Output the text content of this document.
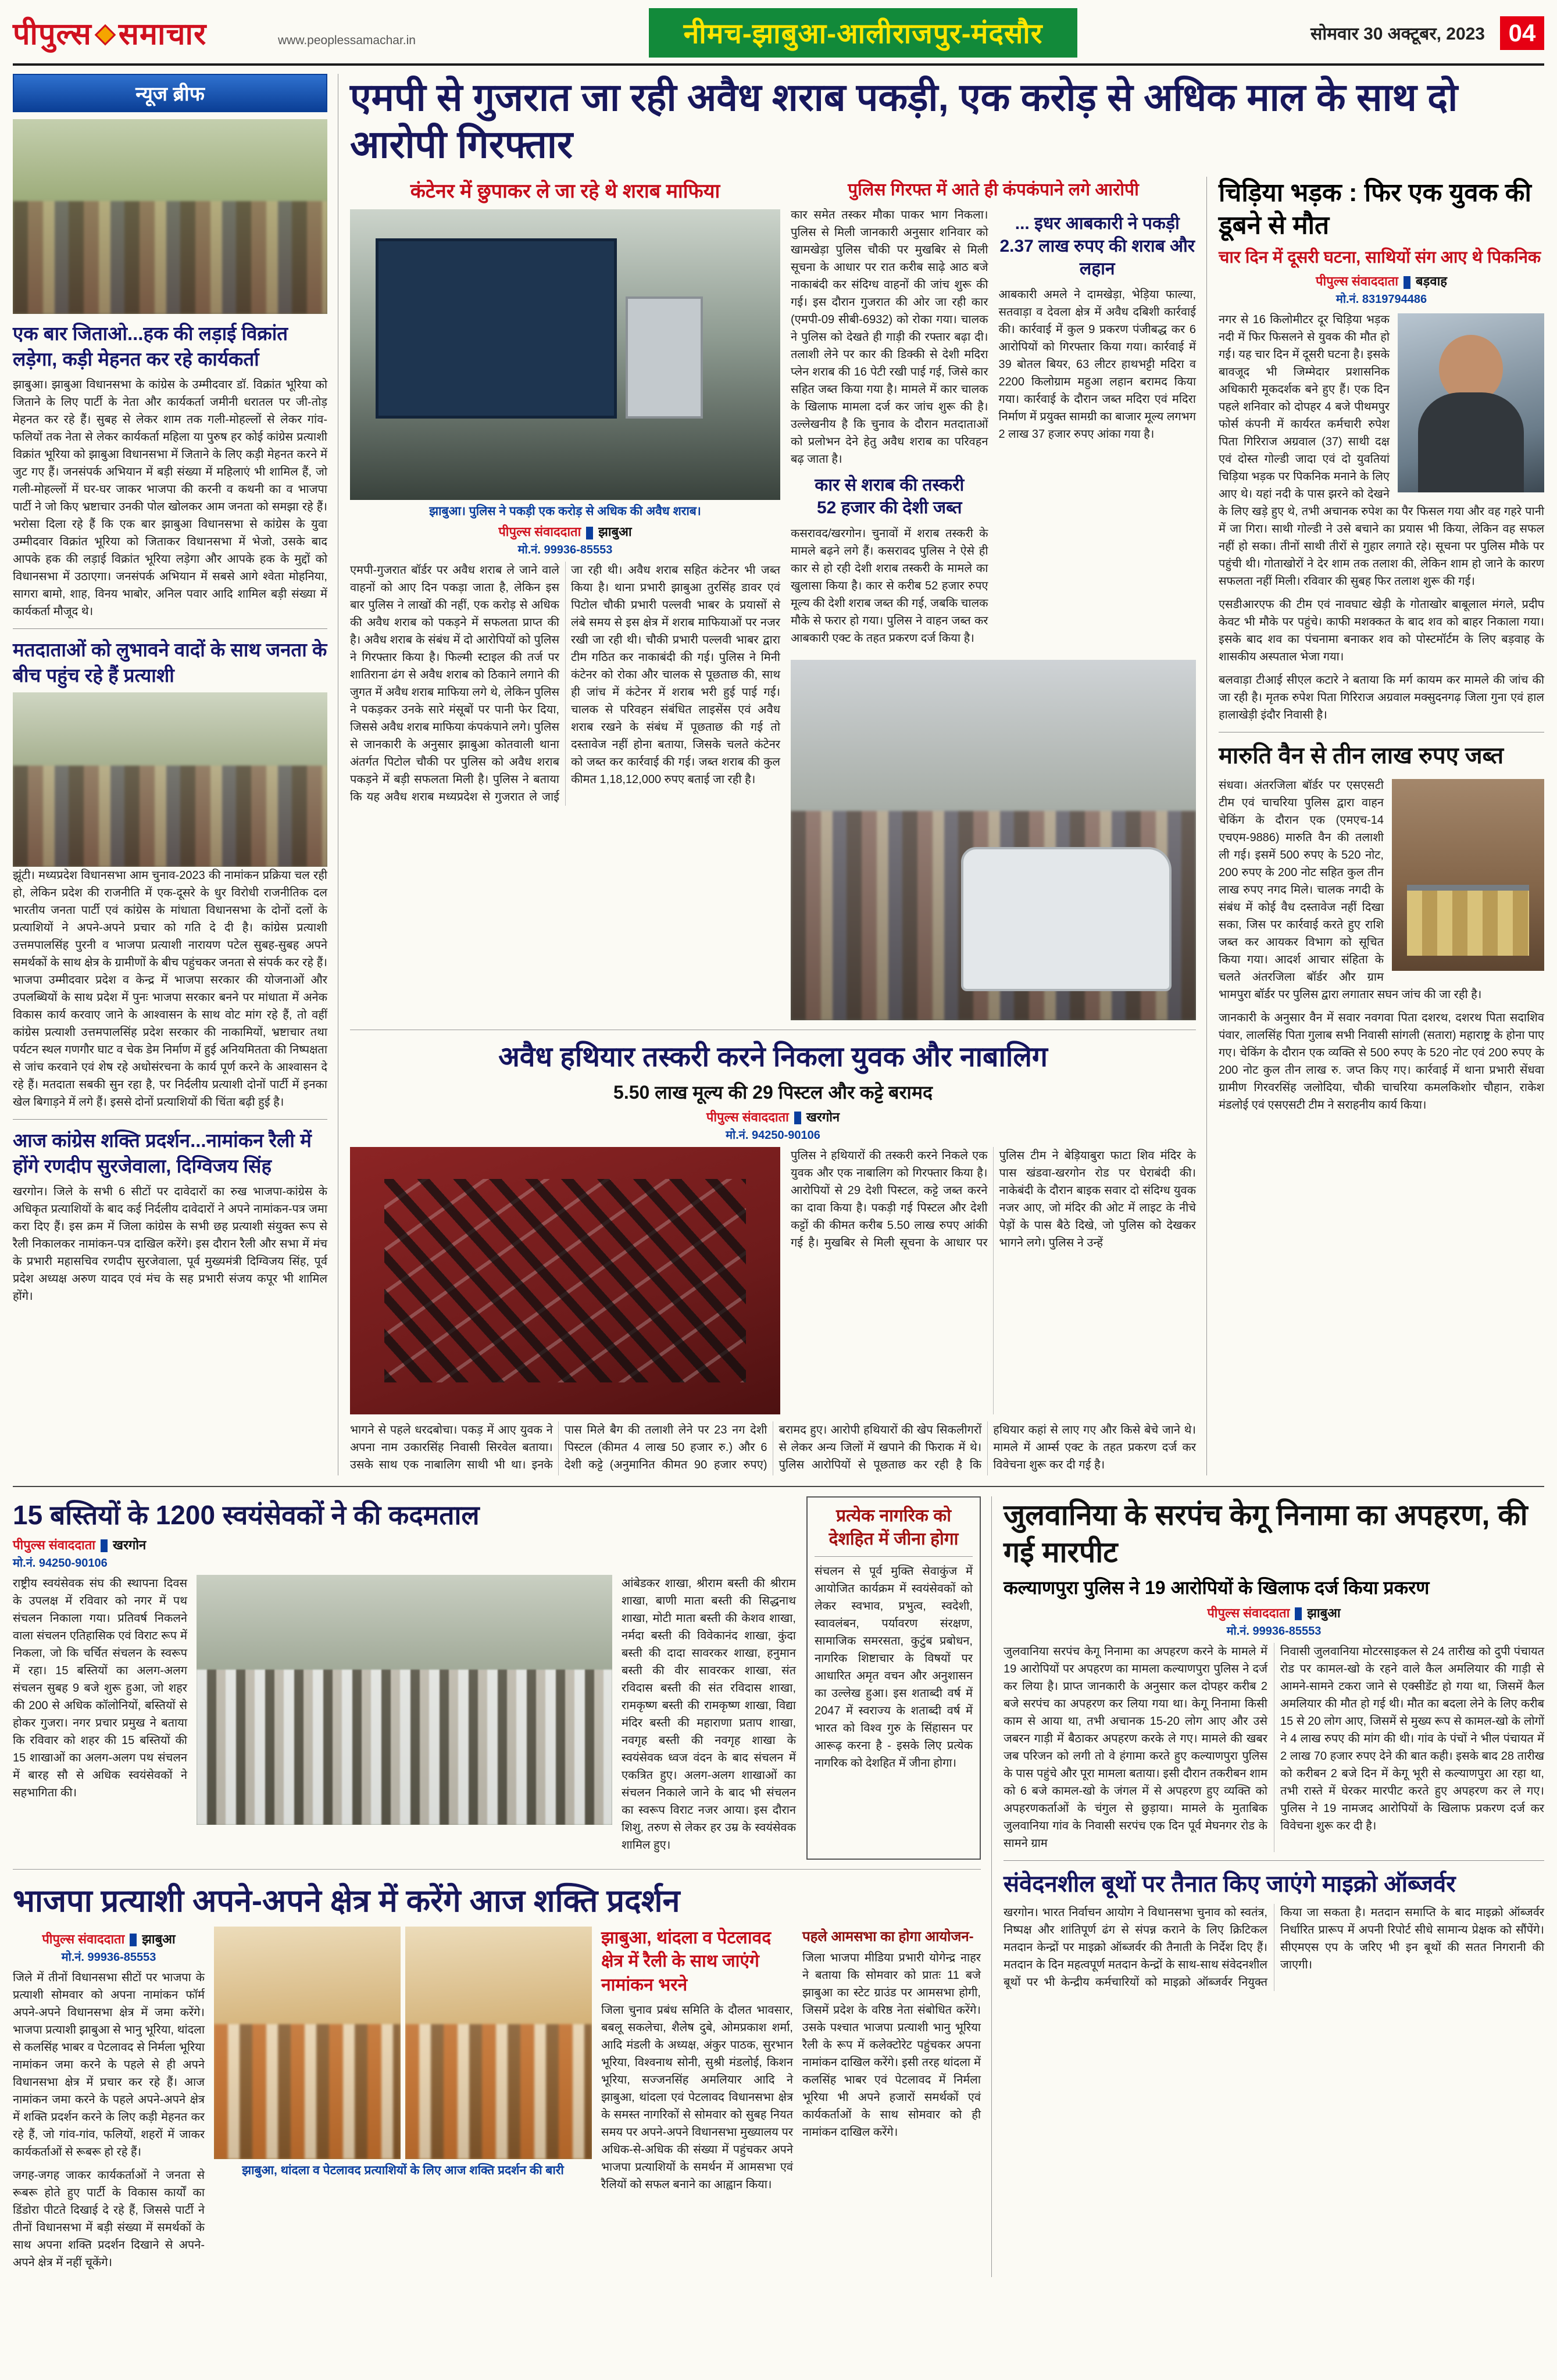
पीपुल्स समाचार	www.peoplessamachar.in	नीमच-झाबुआ-आलीराजपुर-मंदसौर	सोमवार 30 अक्टूबर, 2023 04
न्यूज ब्रीफ
एक बार जिताओ...हक की लड़ाई विक्रांत लड़ेगा, कड़ी मेहनत कर रहे कार्यकर्ता

झाबुआ। झाबुआ विधानसभा के कांग्रेस के उम्मीदवार डॉ. विक्रांत भूरिया को जिताने के लिए पार्टी के नेता और कार्यकर्ता जमीनी धरातल पर जी-तोड़ मेहनत कर रहे हैं। सुबह से लेकर शाम तक गली-मोहल्लों से लेकर गांव-फलियों तक नेता से लेकर कार्यकर्ता महिला या पुरुष हर कोई कांग्रेस प्रत्याशी विक्रांत भूरिया को झाबुआ विधानसभा में जिताने के लिए कड़ी मेहनत करने में जुट गए हैं। जनसंपर्क अभियान में बड़ी संख्या में महिलाएं भी शामिल हैं, जो गली-मोहल्लों में घर-घर जाकर भाजपा की करनी व कथनी का व भाजपा पार्टी ने जो किए भ्रष्टाचार उनकी पोल खोलकर आम जनता को समझा रहे हैं। भरोसा दिला रहे हैं कि एक बार झाबुआ विधानसभा से कांग्रेस के युवा उम्मीदवार विक्रांत भूरिया को जिताकर विधानसभा में भेजो, उसके बाद आपके हक की लड़ाई विक्रांत भूरिया लड़ेगा और आपके हक के मुद्दों को विधानसभा में उठाएगा। जनसंपर्क अभियान में सबसे आगे श्वेता मोहनिया, सागरा बामो, शाह, विनय भाबोर, अनिल पवार आदि शामिल बड़ी संख्या में कार्यकर्ता मौजूद थे।

मतदाताओं को लुभावने वादों के साथ जनता के बीच पहुंच रहे हैं प्रत्याशी

झूंटी। मध्यप्रदेश विधानसभा आम चुनाव-2023 की नामांकन प्रक्रिया चल रही हो, लेकिन प्रदेश की राजनीति में एक-दूसरे के धुर विरोधी राजनीतिक दल भारतीय जनता पार्टी एवं कांग्रेस के मांधाता विधानसभा के दोनों दलों के प्रत्याशियों ने अपने-अपने प्रचार को गति दे दी है। कांग्रेस प्रत्याशी उत्तमपालसिंह पुरनी व भाजपा प्रत्याशी नारायण पटेल सुबह-सुबह अपने समर्थकों के साथ क्षेत्र के ग्रामीणों के बीच पहुंचकर जनता से संपर्क कर रहे हैं। भाजपा उम्मीदवार प्रदेश व केन्द्र में भाजपा सरकार की योजनाओं और उपलब्धियों के साथ प्रदेश में पुनः भाजपा सरकार बनने पर मांधाता में अनेक विकास कार्य करवाए जाने के आश्वासन के साथ वोट मांग रहे हैं, तो वहीं कांग्रेस प्रत्याशी उत्तमपालसिंह प्रदेश सरकार की नाकामियों, भ्रष्टाचार तथा पर्यटन स्थल गणगौर घाट व चेक डेम निर्माण में हुई अनियमितता की निष्पक्षता से जांच करवाने एवं शेष रहे अधोसंरचना के कार्य पूर्ण करने के आश्वासन दे रहे हैं। मतदाता सबकी सुन रहा है, पर निर्दलीय प्रत्याशी दोनों पार्टी में इनका खेल बिगाड़ने में लगे हैं। इससे दोनों प्रत्याशियों की चिंता बढ़ी हुई है।

आज कांग्रेस शक्ति प्रदर्शन...नामांकन रैली में होंगे रणदीप सुरजेवाला, दिग्विजय सिंह

खरगोन। जिले के सभी 6 सीटों पर दावेदारों का रुख भाजपा-कांग्रेस के अधिकृत प्रत्याशियों के बाद कई निर्दलीय दावेदारों ने अपने नामांकन-पत्र जमा करा दिए हैं। इस क्रम में जिला कांग्रेस के सभी छह प्रत्याशी संयुक्त रूप से रैली निकालकर नामांकन-पत्र दाखिल करेंगे। इस दौरान रैली और सभा में मंच के प्रभारी महासचिव रणदीप सुरजेवाला, पूर्व मुख्यमंत्री दिग्विजय सिंह, पूर्व प्रदेश अध्यक्ष अरुण यादव एवं मंच के सह प्रभारी संजय कपूर भी शामिल होंगे।

एमपी से गुजरात जा रही अवैध शराब पकड़ी, एक करोड़ से अधिक माल के साथ दो आरोपी गिरफ्तार
कंटेनर में छुपाकर ले जा रहे थे शराब माफिया
झाबुआ। पुलिस ने पकड़ी एक करोड़ से अधिक की अवैध शराब।
पीपुल्स संवाददाता झाबुआ
मो.नं. 99936-85553

एमपी-गुजरात बॉर्डर पर अवैध शराब ले जाने वाले वाहनों को आए दिन पकड़ा जाता है, लेकिन इस बार पुलिस ने लाखों की नहीं, एक करोड़ से अधिक की अवैध शराब को पकड़ने में सफलता प्राप्त की है। अवैध शराब के संबंध में दो आरोपियों को पुलिस ने गिरफ्तार किया है। फिल्मी स्टाइल की तर्ज पर शातिराना ढंग से अवैध शराब को ठिकाने लगाने की जुगत में अवैध शराब माफिया लगे थे, लेकिन पुलिस ने पकड़कर उनके सारे मंसूबों पर पानी फेर दिया, जिससे अवैध शराब माफिया कंपकंपाने लगे। पुलिस से जानकारी के अनुसार झाबुआ कोतवाली थाना अंतर्गत पिटोल चौकी पर पुलिस को अवैध शराब पकड़ने में बड़ी सफलता मिली है। पुलिस ने बताया कि यह अवैध शराब मध्यप्रदेश से गुजरात ले जाई जा रही थी। अवैध शराब सहित कंटेनर भी जब्त किया है। थाना प्रभारी झाबुआ तुरसिंह डावर एवं पिटोल चौकी प्रभारी पल्लवी भाबर के प्रयासों से लंबे समय से इस क्षेत्र में शराब माफियाओं पर नजर रखी जा रही थी। चौकी प्रभारी पल्लवी भाबर द्वारा टीम गठित कर नाकाबंदी की गई। पुलिस ने मिनी कंटेनर को रोका और चालक से पूछताछ की, साथ ही जांच में कंटेनर में शराब भरी हुई पाई गई। चालक से परिवहन संबंधित लाइसेंस एवं अवैध शराब रखने के संबंध में पूछताछ की गई तो दस्तावेज नहीं होना बताया, जिसके चलते कंटेनर को जब्त कर कार्रवाई की गई। जब्त शराब की कुल कीमत 1,18,12,000 रुपए बताई जा रही है।

पुलिस गिरफ्त में आते ही कंपकंपाने लगे आरोपी

कार समेत तस्कर मौका पाकर भाग निकला। पुलिस से मिली जानकारी अनुसार शनिवार को खामखेड़ा पुलिस चौकी पर मुखबिर से मिली सूचना के आधार पर रात करीब साढ़े आठ बजे नाकाबंदी कर संदिग्ध वाहनों की जांच शुरू की गई। इस दौरान गुजरात की ओर जा रही कार (एमपी-09 सीबी-6932) को रोका गया। चालक ने पुलिस को देखते ही गाड़ी की रफ्तार बढ़ा दी। तलाशी लेने पर कार की डिक्की से देशी मदिरा प्लेन शराब की 16 पेटी रखी पाई गई, जिसे कार सहित जब्त किया गया है। मामले में कार चालक के खिलाफ मामला दर्ज कर जांच शुरू की है। उल्लेखनीय है कि चुनाव के दौरान मतदाताओं को प्रलोभन देने हेतु अवैध शराब का परिवहन बढ़ जाता है।

कार से शराब की तस्करी
52 हजार की देशी जब्त

कसरावद/खरगोन। चुनावों में शराब तस्करी के मामले बढ़ने लगे हैं। कसरावद पुलिस ने ऐसे ही कार से हो रही देशी शराब तस्करी के मामले का खुलासा किया है। कार से करीब 52 हजार रुपए मूल्य की देशी शराब जब्त की गई, जबकि चालक मौके से फरार हो गया। पुलिस ने वाहन जब्त कर आबकारी एक्ट के तहत प्रकरण दर्ज किया है।

... इधर आबकारी ने पकड़ी 2.37 लाख रुपए की शराब और लहान

आबकारी अमले ने दामखेड़ा, भेड़िया फाल्या, सतवाड़ा व देवला क्षेत्र में अवैध दबिशी कार्रवाई की। कार्रवाई में कुल 9 प्रकरण पंजीबद्ध कर 6 आरोपियों को गिरफ्तार किया गया। कार्रवाई में 39 बोतल बियर, 63 लीटर हाथभट्टी मदिरा व 2200 किलोग्राम महुआ लहान बरामद किया गया। कार्रवाई के दौरान जब्त मदिरा एवं मदिरा निर्माण में प्रयुक्त सामग्री का बाजार मूल्य लगभग 2 लाख 37 हजार रुपए आंका गया है।

अवैध हथियार तस्करी करने निकला युवक और नाबालिग
5.50 लाख मूल्य की 29 पिस्टल और कट्टे बरामद
पीपुल्स संवाददाता खरगोन
मो.नं. 94250-90106

पुलिस ने हथियारों की तस्करी करने निकले एक युवक और एक नाबालिग को गिरफ्तार किया है। आरोपियों से 29 देशी पिस्टल, कट्टे जब्त करने का दावा किया है। पकड़ी गई पिस्टल और देशी कट्टों की कीमत करीब 5.50 लाख रुपए आंकी गई है। मुखबिर से मिली सूचना के आधार पर पुलिस टीम ने बेड़ियाबुरा फाटा शिव मंदिर के पास खंडवा-खरगोन रोड पर घेराबंदी की। नाकेबंदी के दौरान बाइक सवार दो संदिग्ध युवक नजर आए, जो मंदिर की ओट में लाइट के नीचे पेड़ों के पास बैठे दिखे, जो पुलिस को देखकर भागने लगे। पुलिस ने उन्हें

भागने से पहले धरदबोचा। पकड़ में आए युवक ने अपना नाम उकारसिंह निवासी सिरवेल बताया। उसके साथ एक नाबालिग साथी भी था। इनके पास मिले बैग की तलाशी लेने पर 23 नग देशी पिस्टल (कीमत 4 लाख 50 हजार रु.) और 6 देशी कट्टे (अनुमानित कीमत 90 हजार रुपए) बरामद हुए। आरोपी हथियारों की खेप सिकलीगरों से लेकर अन्य जिलों में खपाने की फिराक में थे। पुलिस आरोपियों से पूछताछ कर रही है कि हथियार कहां से लाए गए और किसे बेचे जाने थे। मामले में आर्म्स एक्ट के तहत प्रकरण दर्ज कर विवेचना शुरू कर दी गई है।

चिड़िया भड़क : फिर एक युवक की डूबने से मौत
चार दिन में दूसरी घटना, साथियों संग आए थे पिकनिक
पीपुल्स संवाददाता बड़वाह
मो.नं. 8319794486

नगर से 16 किलोमीटर दूर चिड़िया भड़क नदी में फिर फिसलने से युवक की मौत हो गई। यह चार दिन में दूसरी घटना है। इसके बावजूद भी जिम्मेदार प्रशासनिक अधिकारी मूकदर्शक बने हुए हैं। एक दिन पहले शनिवार को दोपहर 4 बजे पीथमपुर फोर्स कंपनी में कार्यरत कर्मचारी रुपेश पिता गिरिराज अग्रवाल (37) साथी दक्ष एवं दोस्त गोल्डी जादा एवं दो युवतियां चिड़िया भड़क पर पिकनिक मनाने के लिए आए थे। यहां नदी के पास झरने को देखने के लिए खड़े हुए थे, तभी अचानक रुपेश का पैर फिसल गया और वह गहरे पानी में जा गिरा। साथी गोल्डी ने उसे बचाने का प्रयास भी किया, लेकिन वह सफल नहीं हो सका। तीनों साथी तीरों से गुहार लगाते रहे। सूचना पर पुलिस मौके पर पहुंची थी। गोताखोरों ने देर शाम तक तलाश की, लेकिन शाम हो जाने के कारण सफलता नहीं मिली। रविवार की सुबह फिर तलाश शुरू की गई।

एसडीआरएफ की टीम एवं नावघाट खेड़ी के गोताखोर बाबूलाल मंगले, प्रदीप केवट भी मौके पर पहुंचे। काफी मशक्कत के बाद शव को बाहर निकाला गया। इसके बाद शव का पंचनामा बनाकर शव को पोस्टमॉर्टम के लिए बड़वाह के शासकीय अस्पताल भेजा गया।

बलवाड़ा टीआई सीएल कटारे ने बताया कि मर्ग कायम कर मामले की जांच की जा रही है। मृतक रुपेश पिता गिरिराज अग्रवाल मक्सुदनगढ़ जिला गुना एवं हाल हालाखेड़ी इंदौर निवासी है।

मारुति वैन से तीन लाख रुपए जब्त

संधवा। अंतरजिला बॉर्डर पर एसएसटी टीम एवं चाचरिया पुलिस द्वारा वाहन चेकिंग के दौरान एक (एमएच-14 एचएम-9886) मारुति वैन की तलाशी ली गई। इसमें 500 रुपए के 520 नोट, 200 रुपए के 200 नोट सहित कुल तीन लाख रुपए नगद मिले। चालक नगदी के संबंध में कोई वैध दस्तावेज नहीं दिखा सका, जिस पर कार्रवाई करते हुए राशि जब्त कर आयकर विभाग को सूचित किया गया। आदर्श आचार संहिता के चलते अंतरजिला बॉर्डर और ग्राम भामपुरा बॉर्डर पर पुलिस द्वारा लगातार सघन जांच की जा रही है।

जानकारी के अनुसार वैन में सवार नवगवा पिता दशरथ, दशरथ पिता सदाशिव पंवार, लालसिंह पिता गुलाब सभी निवासी सांगली (सतारा) महाराष्ट्र के होना पाए गए। चेकिंग के दौरान एक व्यक्ति से 500 रुपए के 520 नोट एवं 200 रुपए के 200 नोट कुल तीन लाख रु. जप्त किए गए। कार्रवाई में थाना प्रभारी सेंधवा ग्रामीण गिरवरसिंह जलोदिया, चौकी चाचरिया कमलकिशोर चौहान, राकेश मंडलोई एवं एसएसटी टीम ने सराहनीय कार्य किया।

15 बस्तियों के 1200 स्वयंसेवकों ने की कदमताल
पीपुल्स संवाददाता खरगोन
मो.नं. 94250-90106

राष्ट्रीय स्वयंसेवक संघ की स्थापना दिवस के उपलक्ष में रविवार को नगर में पथ संचलन निकाला गया। प्रतिवर्ष निकलने वाला संचलन एतिहासिक एवं विराट रूप में निकला, जो कि चर्चित संचलन के स्वरूप में रहा। 15 बस्तियों का अलग-अलग संचलन सुबह 9 बजे शुरू हुआ, जो शहर की 200 से अधिक कॉलोनियों, बस्तियों से होकर गुजरा। नगर प्रचार प्रमुख ने बताया कि रविवार को शहर की 15 बस्तियों की 15 शाखाओं का अलग-अलग पथ संचलन में बारह सौ से अधिक स्वयंसेवकों ने सहभागिता की।

आंबेडकर शाखा, श्रीराम बस्ती की श्रीराम शाखा, बाणी माता बस्ती की सिद्धनाथ शाखा, मोटी माता बस्ती की केशव शाखा, नर्मदा बस्ती की विवेकानंद शाखा, कुंदा बस्ती की दादा सावरकर शाखा, हनुमान बस्ती की वीर सावरकर शाखा, संत रविदास बस्ती की संत रविदास शाखा, रामकृष्ण बस्ती की रामकृष्ण शाखा, विद्या मंदिर बस्ती की महाराणा प्रताप शाखा, नवगृह बस्ती की नवगृह शाखा के स्वयंसेवक ध्वज वंदन के बाद संचलन में एकत्रित हुए। अलग-अलग शाखाओं का संचलन निकाले जाने के बाद भी संचलन का स्वरूप विराट नजर आया। इस दौरान शिशु, तरुण से लेकर हर उम्र के स्वयंसेवक शामिल हुए।

प्रत्येक नागरिक को देशहित में जीना होगा

संचलन से पूर्व मुक्ति सेवाकुंज में आयोजित कार्यक्रम में स्वयंसेवकों को लेकर स्वभाव, प्रभुत्व, स्वदेशी, स्वावलंबन, पर्यावरण संरक्षण, सामाजिक समरसता, कुटुंब प्रबोधन, नागरिक शिष्टाचार के विषयों पर आधारित अमृत वचन और अनुशासन का उल्लेख हुआ। इस शताब्दी वर्ष में 2047 में स्वराज्य के शताब्दी वर्ष में भारत को विश्व गुरु के सिंहासन पर आरूढ़ करना है - इसके लिए प्रत्येक नागरिक को देशहित में जीना होगा।

भाजपा प्रत्याशी अपने-अपने क्षेत्र में करेंगे आज शक्ति प्रदर्शन
पीपुल्स संवाददाता झाबुआ
मो.नं. 99936-85553

जिले में तीनों विधानसभा सीटों पर भाजपा के प्रत्याशी सोमवार को अपना नामांकन फॉर्म अपने-अपने विधानसभा क्षेत्र में जमा करेंगे। भाजपा प्रत्याशी झाबुआ से भानु भूरिया, थांदला से कलसिंह भाबर व पेटलावद से निर्मला भूरिया नामांकन जमा करने के पहले से ही अपने विधानसभा क्षेत्र में प्रचार कर रहे हैं। आज नामांकन जमा करने के पहले अपने-अपने क्षेत्र में शक्ति प्रदर्शन करने के लिए कड़ी मेहनत कर रहे हैं, जो गांव-गांव, फलियों, शहरों में जाकर कार्यकर्ताओं से रूबरू हो रहे हैं।

जगह-जगह जाकर कार्यकर्ताओं ने जनता से रूबरू होते हुए पार्टी के विकास कार्यों का डिंडोरा पीटते दिखाई दे रहे हैं, जिससे पार्टी ने तीनों विधानसभा में बड़ी संख्या में समर्थकों के साथ अपना शक्ति प्रदर्शन दिखाने से अपने-अपने क्षेत्र में नहीं चूकेंगे।

झाबुआ, थांदला व पेटलावद प्रत्याशियों के लिए आज शक्ति प्रदर्शन की बारी
झाबुआ, थांदला व पेटलावद क्षेत्र में रैली के साथ जाएंगे नामांकन भरने

जिला चुनाव प्रबंध समिति के दौलत भावसार, बबलू सकलेचा, शैलेष दुबे, ओमप्रकाश शर्मा, आदि मंडली के अध्यक्ष, अंकुर पाठक, सुरभान भूरिया, विश्वनाथ सोनी, सुश्री मंडलोई, किशन भूरिया, सज्जनसिंह अमलियार आदि ने झाबुआ, थांदला एवं पेटलावद विधानसभा क्षेत्र के समस्त नागरिकों से सोमवार को सुबह नियत समय पर अपने-अपने विधानसभा मुख्यालय पर अधिक-से-अधिक की संख्या में पहुंचकर अपने भाजपा प्रत्याशियों के समर्थन में आमसभा एवं रैलियों को सफल बनाने का आह्वान किया।

पहले आमसभा का होगा आयोजन-

जिला भाजपा मीडिया प्रभारी योगेन्द्र नाहर ने बताया कि सोमवार को प्रातः 11 बजे झाबुआ का स्टेट ग्राउंड पर आमसभा होगी, जिसमें प्रदेश के वरिष्ठ नेता संबोधित करेंगे। उसके पश्चात भाजपा प्रत्याशी भानु भूरिया रैली के रूप में कलेक्टोरेट पहुंचकर अपना नामांकन दाखिल करेंगे। इसी तरह थांदला में कलसिंह भाबर एवं पेटलावद में निर्मला भूरिया भी अपने हजारों समर्थकों एवं कार्यकर्ताओं के साथ सोमवार को ही नामांकन दाखिल करेंगे।

जुलवानिया के सरपंच केगू निनामा का अपहरण, की गई मारपीट
कल्याणपुरा पुलिस ने 19 आरोपियों के खिलाफ दर्ज किया प्रकरण
पीपुल्स संवाददाता झाबुआ
मो.नं. 99936-85553

जुलवानिया सरपंच केगू निनामा का अपहरण करने के मामले में 19 आरोपियों पर अपहरण का मामला कल्याणपुरा पुलिस ने दर्ज कर लिया है। प्राप्त जानकारी के अनुसार कल दोपहर करीब 2 बजे सरपंच का अपहरण कर लिया गया था। केगू निनामा किसी काम से आया था, तभी अचानक 15-20 लोग आए और उसे जबरन गाड़ी में बैठाकर अपहरण करके ले गए। मामले की खबर जब परिजन को लगी तो वे हंगामा करते हुए कल्याणपुरा पुलिस के पास पहुंचे और पूरा मामला बताया। इसी दौरान तकरीबन शाम को 6 बजे कामल-खो के जंगल में से अपहरण हुए व्यक्ति को अपहरणकर्ताओं के चंगुल से छुड़ाया। मामले के मुताबिक जुलवानिया गांव के निवासी सरपंच एक दिन पूर्व मेघनगर रोड के सामने ग्राम

निवासी जुलवानिया मोटरसाइकल से 24 तारीख को दुपी पंचायत रोड पर कामल-खो के रहने वाले कैल अमलियार की गाड़ी से आमने-सामने टकरा जाने से एक्सीडेंट हो गया था, जिसमें कैल अमलियार की मौत हो गई थी। मौत का बदला लेने के लिए करीब 15 से 20 लोग आए, जिसमें से मुख्य रूप से कामल-खो के लोगों ने 4 लाख रुपए की मांग की थी। गांव के पंचों ने भील पंचायत में 2 लाख 70 हजार रुपए देने की बात कही। इसके बाद 28 तारीख को करीबन 2 बजे दिन में केगू भूरी से कल्याणपुरा आ रहा था, तभी रास्ते में घेरकर मारपीट करते हुए अपहरण कर ले गए। पुलिस ने 19 नामजद आरोपियों के खिलाफ प्रकरण दर्ज कर विवेचना शुरू कर दी है।

संवेदनशील बूथों पर तैनात किए जाएंगे माइक्रो ऑब्जर्वर

खरगोन। भारत निर्वाचन आयोग ने विधानसभा चुनाव को स्वतंत्र, निष्पक्ष और शांतिपूर्ण ढंग से संपन्न कराने के लिए क्रिटिकल मतदान केन्द्रों पर माइक्रो ऑब्जर्वर की तैनाती के निर्देश दिए हैं। मतदान के दिन महत्वपूर्ण मतदान केन्द्रों के साथ-साथ संवेदनशील बूथों पर भी केन्द्रीय कर्मचारियों को माइक्रो ऑब्जर्वर नियुक्त किया जा सकता है। मतदान समाप्ति के बाद माइक्रो ऑब्जर्वर निर्धारित प्रारूप में अपनी रिपोर्ट सीधे सामान्य प्रेक्षक को सौंपेंगे। सीएमएस एप के जरिए भी इन बूथों की सतत निगरानी की जाएगी।
